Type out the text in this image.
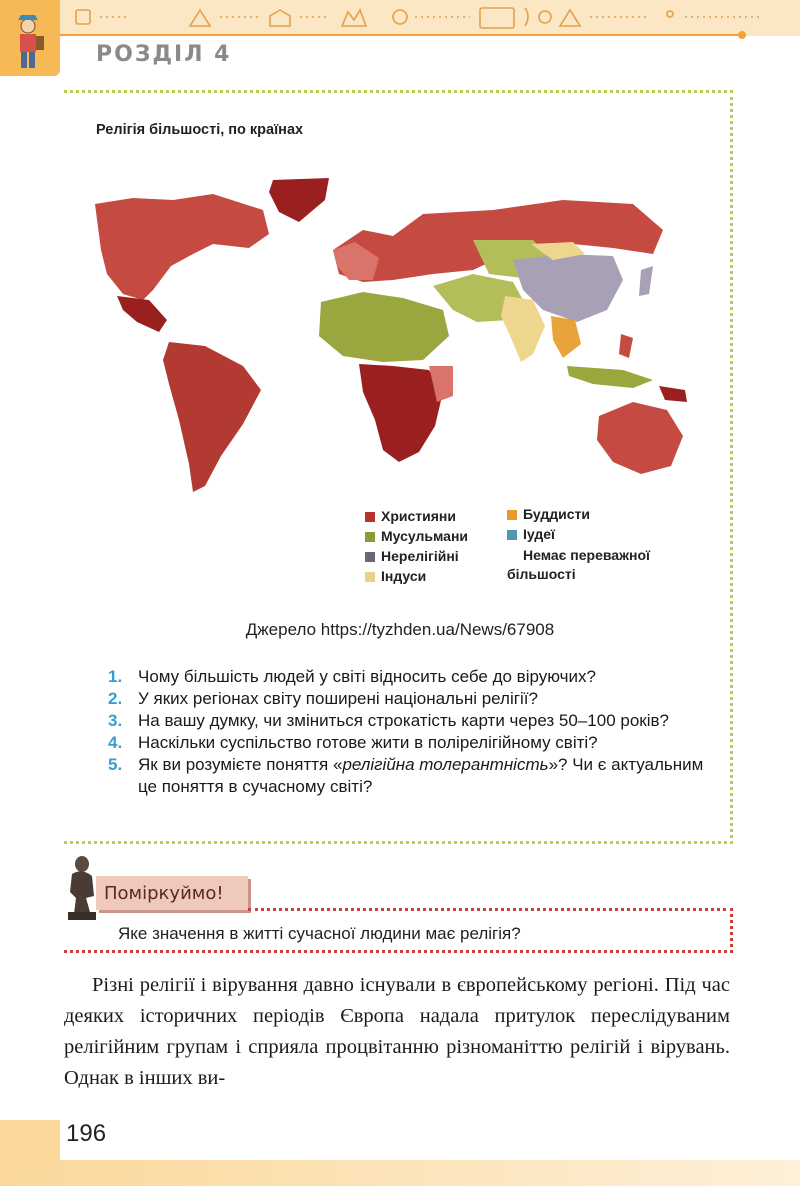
РОЗДІЛ 4
Релігія більшості, по країнах
Християни
Мусульмани
Нерелігійні
Індуси
Буддисти
Іудеї
Немає переважної більшості
Джерело https://tyzhden.ua/News/67908

1. Чому більшість людей у світі відносить себе до віруючих?

2. У яких регіонах світу поширені національні релігії?

3. На вашу думку, чи зміниться строкатість карти через 50–100 років?

4. Наскільки суспільство готове жити в полірелігійному світі?

5. Як ви розумієте поняття «релігійна толерантність»? Чи є актуальним це поняття в сучасному світі?

Поміркуймо!
Яке значення в житті сучасної людини має релігія?
Різні релігії і вірування давно існували в європейському регіоні. Під час деяких історичних періодів Європа надала притулок переслідуваним релігійним групам і сприяла процвітанню різноманіттю релігій і вірувань. Однак в інших ви-
196
